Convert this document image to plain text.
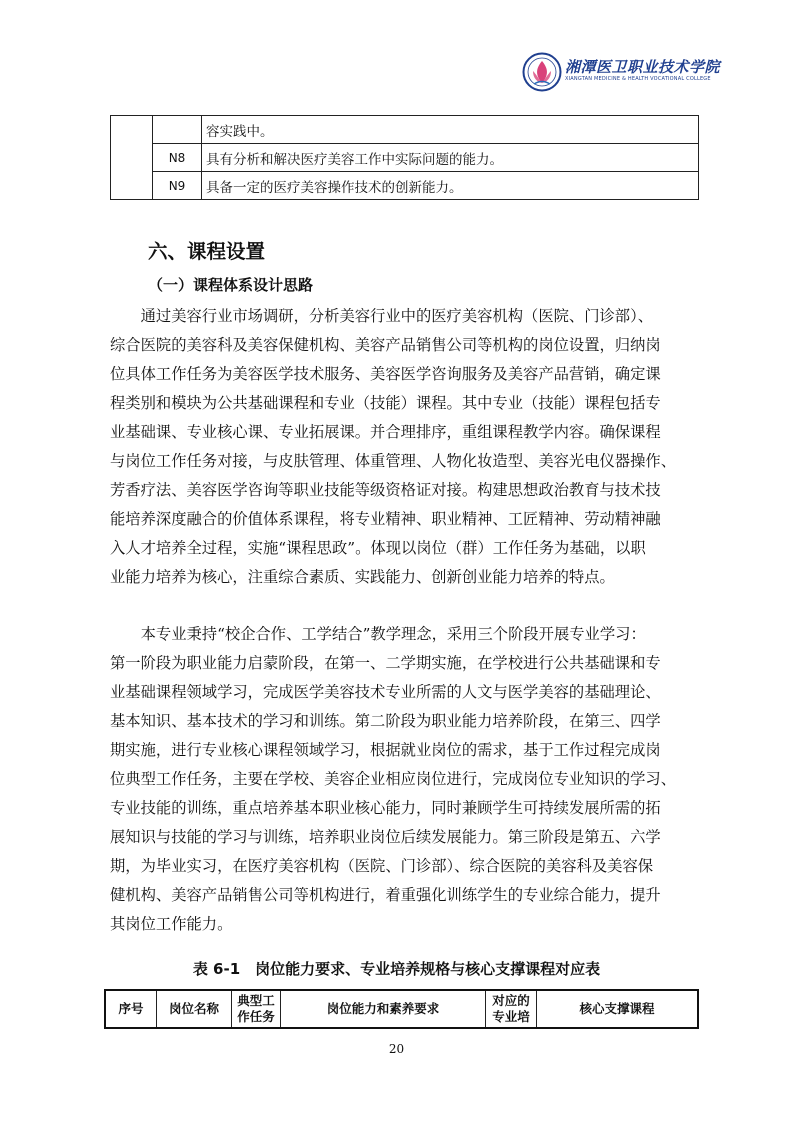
湘潭医卫职业技术学院
XIANGTAN MEDICINE & HEALTH VOCATIONAL COLLEGE
		容实践中。
	N8	具有分析和解决医疗美容工作中实际问题的能力。
	N9	具备一定的医疗美容操作技术的创新能力。
六、课程设置
（一）课程体系设计思路
通过美容行业市场调研，分析美容行业中的医疗美容机构（医院、门诊部）、
综合医院的美容科及美容保健机构、美容产品销售公司等机构的岗位设置，归纳岗
位具体工作任务为美容医学技术服务、美容医学咨询服务及美容产品营销，确定课
程类别和模块为公共基础课程和专业（技能）课程。其中专业（技能）课程包括专
业基础课、专业核心课、专业拓展课。并合理排序，重组课程教学内容。确保课程
与岗位工作任务对接，与皮肤管理、体重管理、人物化妆造型、美容光电仪器操作、
芳香疗法、美容医学咨询等职业技能等级资格证对接。构建思想政治教育与技术技
能培养深度融合的价值体系课程，将专业精神、职业精神、工匠精神、劳动精神融
入人才培养全过程，实施“课程思政”。体现以岗位（群）工作任务为基础，以职
业能力培养为核心，注重综合素质、实践能力、创新创业能力培养的特点。
本专业秉持“校企合作、工学结合”教学理念，采用三个阶段开展专业学习：
第一阶段为职业能力启蒙阶段，在第一、二学期实施，在学校进行公共基础课和专
业基础课程领域学习，完成医学美容技术专业所需的人文与医学美容的基础理论、
基本知识、基本技术的学习和训练。第二阶段为职业能力培养阶段，在第三、四学
期实施，进行专业核心课程领域学习，根据就业岗位的需求，基于工作过程完成岗
位典型工作任务，主要在学校、美容企业相应岗位进行，完成岗位专业知识的学习、
专业技能的训练，重点培养基本职业核心能力，同时兼顾学生可持续发展所需的拓
展知识与技能的学习与训练，培养职业岗位后续发展能力。第三阶段是第五、六学
期，为毕业实习，在医疗美容机构（医院、门诊部）、综合医院的美容科及美容保
健机构、美容产品销售公司等机构进行，着重强化训练学生的专业综合能力，提升
其岗位工作能力。
表 6-1　岗位能力要求、专业培养规格与核心支撑课程对应表
序号	岗位名称	典型工作任务	岗位能力和素养要求	对应的专业培	核心支撑课程
20
